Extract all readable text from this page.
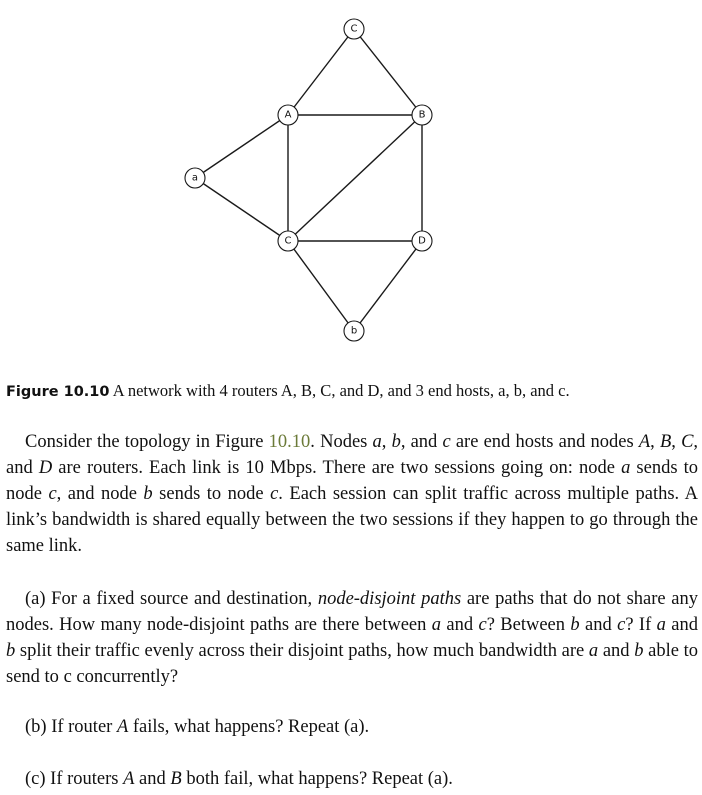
C
A	B
a
C	D
b
Figure 10.10 A network with 4 routers A, B, C, and D, and 3 end hosts, a, b, and c.

Consider the topology in Figure 10.10. Nodes a, b, and c are end hosts and nodes A, B, C, and D are routers. Each link is 10 Mbps. There are two sessions going on: node a sends to node c, and node b sends to node c. Each session can split traffic across multiple paths. A link’s bandwidth is shared equally between the two sessions if they happen to go through the same link.

(a) For a fixed source and destination, node-disjoint paths are paths that do not share any nodes. How many node-disjoint paths are there between a and c? Between b and c? If a and b split their traffic evenly across their disjoint paths, how much bandwidth are a and b able to send to c concurrently?

(b) If router A fails, what happens? Repeat (a).

(c) If routers A and B both fail, what happens? Repeat (a).
